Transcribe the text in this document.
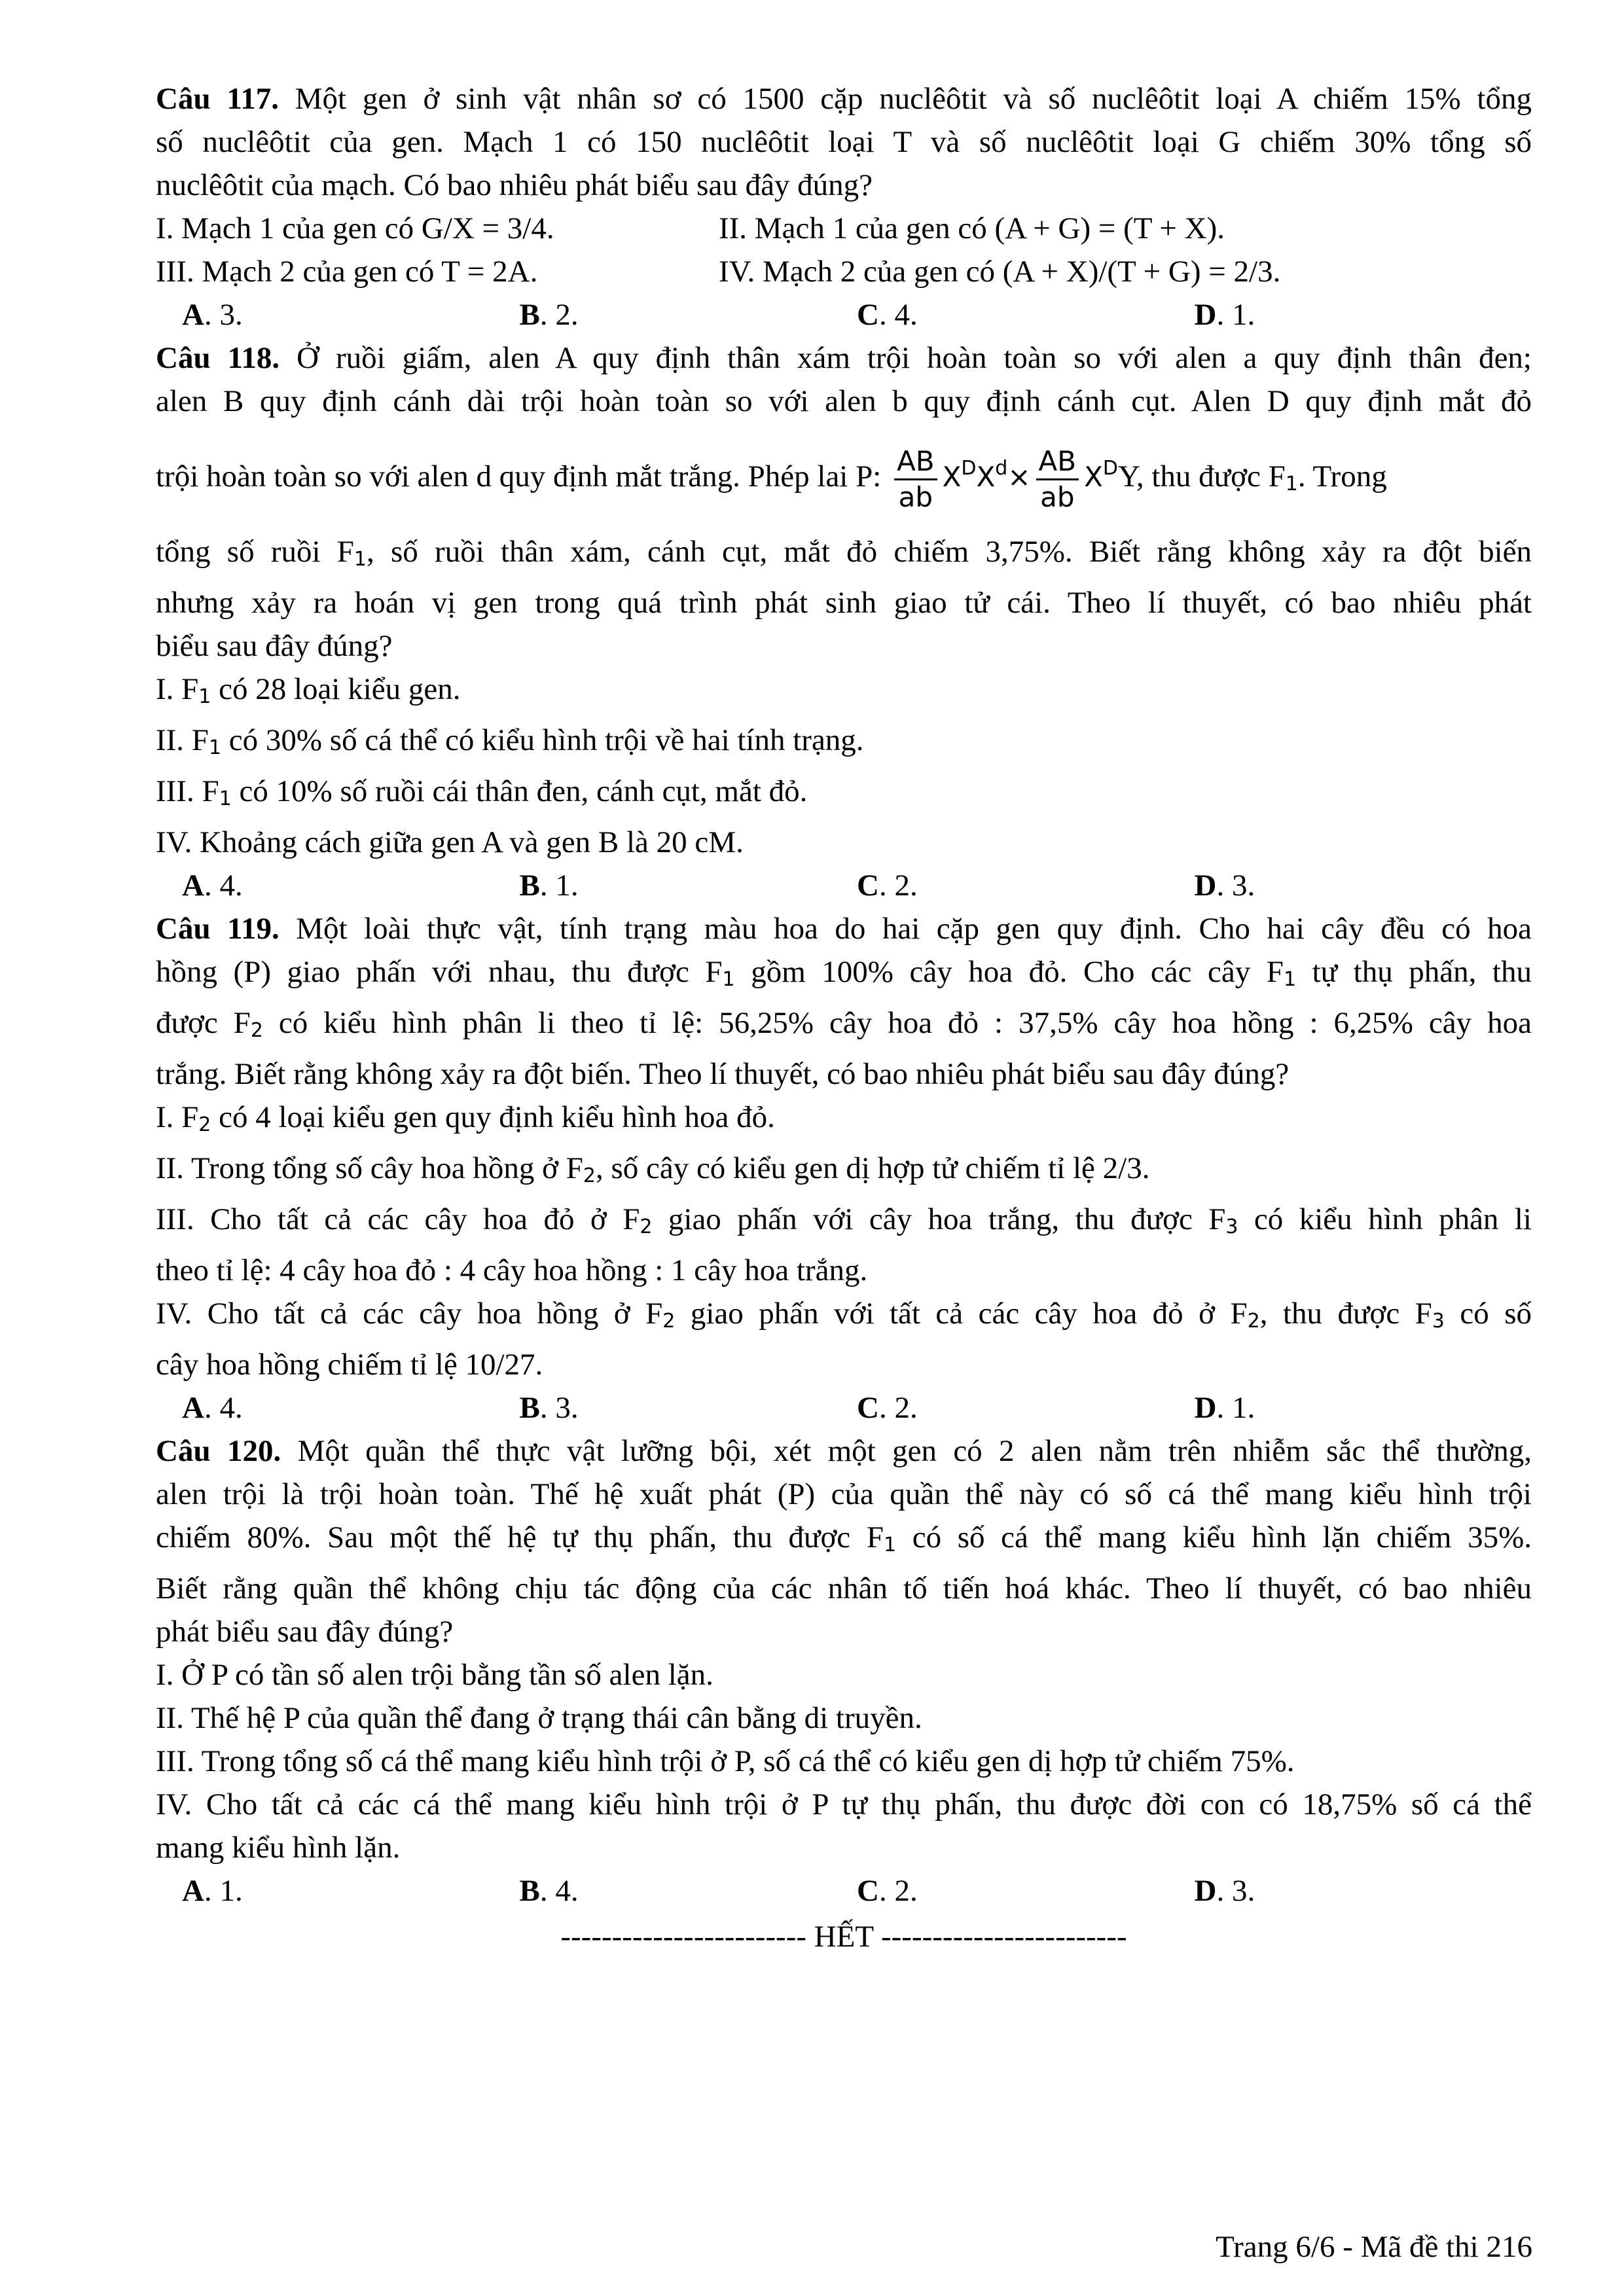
Câu 117. Một gen ở sinh vật nhân sơ có 1500 cặp nuclêôtit và số nuclêôtit loại A chiếm 15% tổng
số nuclêôtit của gen. Mạch 1 có 150 nuclêôtit loại T và số nuclêôtit loại G chiếm 30% tổng số
nuclêôtit của mạch. Có bao nhiêu phát biểu sau đây đúng?
I. Mạch 1 của gen có G/X = 3/4.	II. Mạch 1 của gen có (A + G) = (T + X).
III. Mạch 2 của gen có T = 2A.	IV. Mạch 2 của gen có (A + X)/(T + G) = 2/3.
A. 3.	B. 2.	C. 4.	D. 1.
Câu 118. Ở ruồi giấm, alen A quy định thân xám trội hoàn toàn so với alen a quy định thân đen;
alen B quy định cánh dài trội hoàn toàn so với alen b quy định cánh cụt. Alen D quy định mắt đỏ
trội hoàn toàn so với alen d quy định mắt trắng. Phép lai P: $\frac{AB}{ab} X^DX^d\times \frac{AB}{ab} X^DY$, thu được $F_1$. Trong
tổng số ruồi $F_1$, số ruồi thân xám, cánh cụt, mắt đỏ chiếm 3,75%. Biết rằng không xảy ra đột biến
nhưng xảy ra hoán vị gen trong quá trình phát sinh giao tử cái. Theo lí thuyết, có bao nhiêu phát
biểu sau đây đúng?
I. $F_1$ có 28 loại kiểu gen.
II. $F_1$ có 30% số cá thể có kiểu hình trội về hai tính trạng.
III. $F_1$ có 10% số ruồi cái thân đen, cánh cụt, mắt đỏ.
IV. Khoảng cách giữa gen A và gen B là 20 cM.
A. 4.	B. 1.	C. 2.	D. 3.
Câu 119. Một loài thực vật, tính trạng màu hoa do hai cặp gen quy định. Cho hai cây đều có hoa
hồng (P) giao phấn với nhau, thu được $F_1$ gồm 100% cây hoa đỏ. Cho các cây $F_1$ tự thụ phấn, thu
được $F_2$ có kiểu hình phân li theo tỉ lệ: 56,25% cây hoa đỏ : 37,5% cây hoa hồng : 6,25% cây hoa
trắng. Biết rằng không xảy ra đột biến. Theo lí thuyết, có bao nhiêu phát biểu sau đây đúng?
I. $F_2$ có 4 loại kiểu gen quy định kiểu hình hoa đỏ.
II. Trong tổng số cây hoa hồng ở $F_2$, số cây có kiểu gen dị hợp tử chiếm tỉ lệ 2/3.
III. Cho tất cả các cây hoa đỏ ở $F_2$ giao phấn với cây hoa trắng, thu được $F_3$ có kiểu hình phân li
theo tỉ lệ: 4 cây hoa đỏ : 4 cây hoa hồng : 1 cây hoa trắng.
IV. Cho tất cả các cây hoa hồng ở $F_2$ giao phấn với tất cả các cây hoa đỏ ở $F_2$, thu được $F_3$ có số
cây hoa hồng chiếm tỉ lệ 10/27.
A. 4.	B. 3.	C. 2.	D. 1.
Câu 120. Một quần thể thực vật lưỡng bội, xét một gen có 2 alen nằm trên nhiễm sắc thể thường,
alen trội là trội hoàn toàn. Thế hệ xuất phát (P) của quần thể này có số cá thể mang kiểu hình trội
chiếm 80%. Sau một thế hệ tự thụ phấn, thu được $F_1$ có số cá thể mang kiểu hình lặn chiếm 35%.
Biết rằng quần thể không chịu tác động của các nhân tố tiến hoá khác. Theo lí thuyết, có bao nhiêu
phát biểu sau đây đúng?
I. Ở P có tần số alen trội bằng tần số alen lặn.
II. Thế hệ P của quần thể đang ở trạng thái cân bằng di truyền.
III. Trong tổng số cá thể mang kiểu hình trội ở P, số cá thể có kiểu gen dị hợp tử chiếm 75%.
IV. Cho tất cả các cá thể mang kiểu hình trội ở P tự thụ phấn, thu được đời con có 18,75% số cá thể
mang kiểu hình lặn.
A. 1.	B. 4.	C. 2.	D. 3.
------------------------ HẾT ------------------------
Trang 6/6 - Mã đề thi 216
